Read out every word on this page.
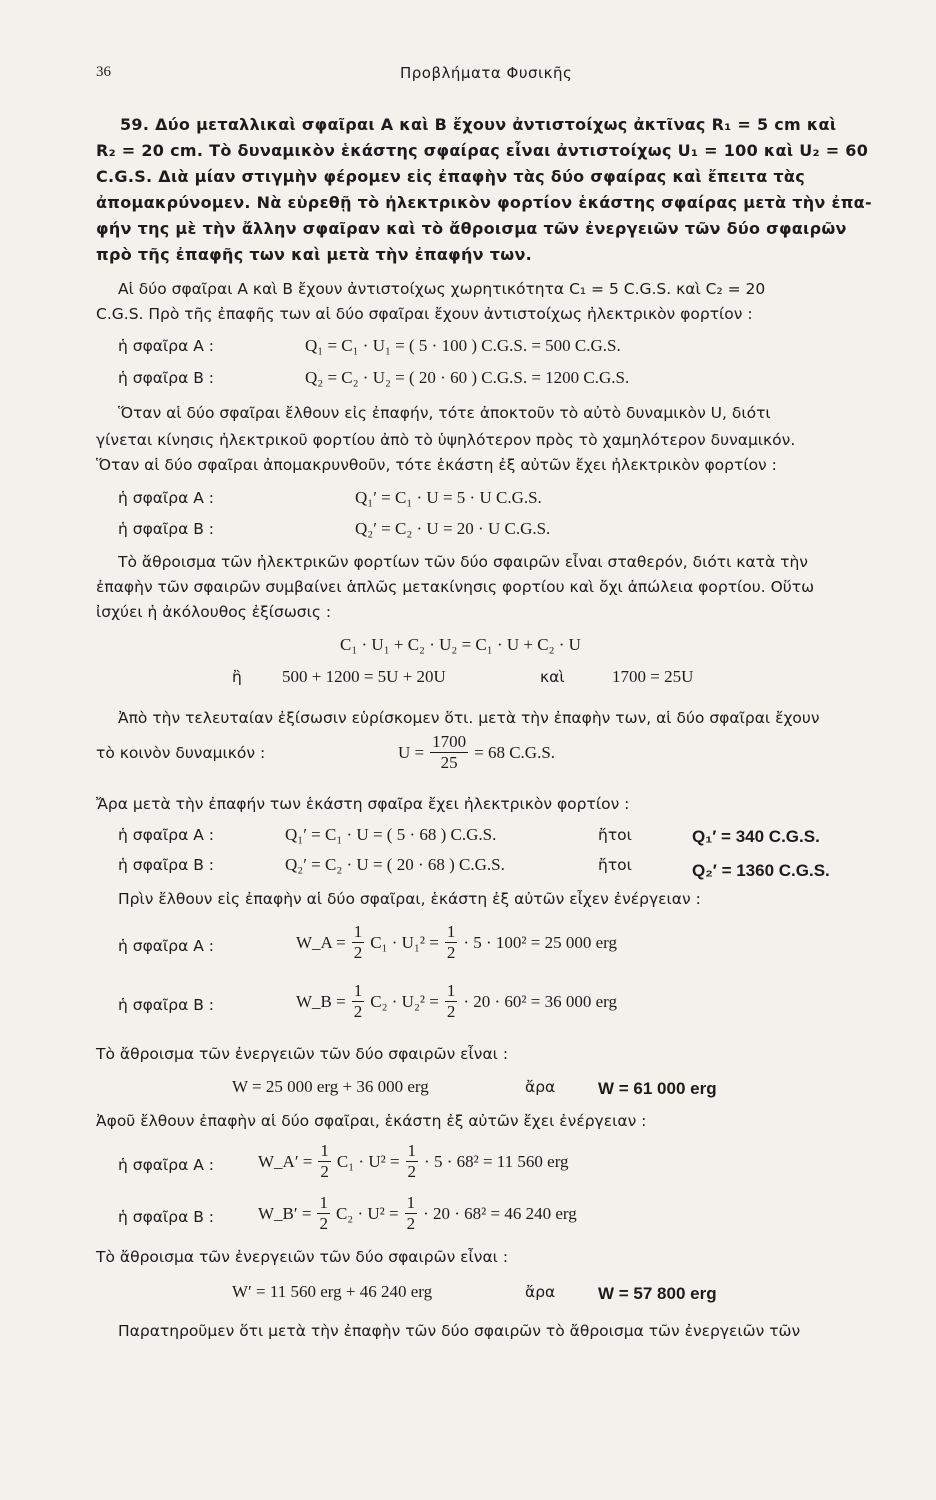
36	Προβλήματα Φυσικῆς
59. Δύο μεταλλικαὶ σφαῖραι Α καὶ Β ἔχουν ἀντιστοίχως ἀκτῖνας R₁ = 5 cm καὶ
R₂ = 20 cm. Τὸ δυναμικὸν ἑκάστης σφαίρας εἶναι ἀντιστοίχως U₁ = 100 καὶ U₂ = 60
C.G.S. Διὰ μίαν στιγμὴν φέρομεν εἰς ἐπαφὴν τὰς δύο σφαίρας καὶ ἔπειτα τὰς
ἀπομακρύνομεν. Νὰ εὑρεθῇ τὸ ἠλεκτρικὸν φορτίον ἑκάστης σφαίρας μετὰ τὴν ἐπα-
φήν της μὲ τὴν ἄλλην σφαῖραν καὶ τὸ ἄθροισμα τῶν ἐνεργειῶν τῶν δύο σφαιρῶν
πρὸ τῆς ἐπαφῆς των καὶ μετὰ τὴν ἐπαφήν των.
Αἱ δύο σφαῖραι Α καὶ Β ἔχουν ἀντιστοίχως χωρητικότητα C₁ = 5 C.G.S. καὶ C₂ = 20
C.G.S. Πρὸ τῆς ἐπαφῆς των αἱ δύο σφαῖραι ἔχουν ἀντιστοίχως ἠλεκτρικὸν φορτίον :
ἡ σφαῖρα Α :	Q₁ = C₁ · U₁ = ( 5 · 100 ) C.G.S. = 500 C.G.S.
ἡ σφαῖρα Β :	Q₂ = C₂ · U₂ = ( 20 · 60 ) C.G.S. = 1200 C.G.S.
Ὅταν αἱ δύο σφαῖραι ἔλθουν εἰς ἐπαφήν, τότε ἀποκτοῦν τὸ αὐτὸ δυναμικὸν U, διότι
γίνεται κίνησις ἠλεκτρικοῦ φορτίου ἀπὸ τὸ ὑψηλότερον πρὸς τὸ χαμηλότερον δυναμικόν.
Ὅταν αἱ δύο σφαῖραι ἀπομακρυνθοῦν, τότε ἑκάστη ἐξ αὐτῶν ἔχει ἠλεκτρικὸν φορτίον :
ἡ σφαῖρα Α :	Q₁′ = C₁ · U = 5 · U C.G.S.
ἡ σφαῖρα Β :	Q₂′ = C₂ · U = 20 · U C.G.S.
Τὸ ἄθροισμα τῶν ἠλεκτρικῶν φορτίων τῶν δύο σφαιρῶν εἶναι σταθερόν, διότι κατὰ τὴν
ἐπαφὴν τῶν σφαιρῶν συμβαίνει ἁπλῶς μετακίνησις φορτίου καὶ ὄχι ἀπώλεια φορτίου. Οὕτω
ἰσχύει ἡ ἀκόλουθος ἐξίσωσις :
C₁ · U₁ + C₂ · U₂ = C₁ · U + C₂ · U
ἢ 500 + 1200 = 5U + 20U	καὶ	1700 = 25U
Ἀπὸ τὴν τελευταίαν ἐξίσωσιν εὑρίσκομεν ὅτι. μετὰ τὴν ἐπαφὴν των, αἱ δύο σφαῖραι ἔχουν
τὸ κοινὸν δυναμικόν :	$U = \frac{1700}{25} = 68$ C.G.S.
Ἄρα μετὰ τὴν ἐπαφήν των ἑκάστη σφαῖρα ἔχει ἠλεκτρικὸν φορτίον :
ἡ σφαῖρα Α :	Q₁′ = C₁ · U = ( 5 · 68 ) C.G.S.	ἤτοι	Q₁′ = 340 C.G.S.
ἡ σφαῖρα Β :	Q₂′ = C₂ · U = ( 20 · 68 ) C.G.S.	ἤτοι	Q₂′ = 1360 C.G.S.
Πρὶν ἔλθουν εἰς ἐπαφὴν αἱ δύο σφαῖραι, ἑκάστη ἐξ αὐτῶν εἶχεν ἐνέργειαν :
ἡ σφαῖρα Α :	W_A = $\frac{1}{2} C_1 \cdot U_1^2 = \frac{1}{2} \cdot 5 \cdot 100^2 = 25$ 000 erg
ἡ σφαῖρα Β :	W_B = $\frac{1}{2} C_2 \cdot U_2^2 = \frac{1}{2} \cdot 20 \cdot 60^2 = 36$ 000 erg
Τὸ ἄθροισμα τῶν ἐνεργειῶν τῶν δύο σφαιρῶν εἶναι :
W = 25 000 erg + 36 000 erg	ἄρα	W = 61 000 erg
Ἀφοῦ ἔλθουν ἐπαφὴν αἱ δύο σφαῖραι, ἑκάστη ἐξ αὐτῶν ἔχει ἐνέργειαν :
ἡ σφαῖρα Α :	W_A′ = $\frac{1}{2} C_1 \cdot U^2 = \frac{1}{2} \cdot 5 \cdot 68^2 = 11$ 560 erg
ἡ σφαῖρα Β :	W_B′ = $\frac{1}{2} C_2 \cdot U^2 = \frac{1}{2} \cdot 20 \cdot 68^2 = 46$ 240 erg
Τὸ ἄθροισμα τῶν ἐνεργειῶν τῶν δύο σφαιρῶν εἶναι :
W′ = 11 560 erg + 46 240 erg	ἄρα	W = 57 800 erg
Παρατηροῦμεν ὅτι μετὰ τὴν ἐπαφὴν τῶν δύο σφαιρῶν τὸ ἄθροισμα τῶν ἐνεργειῶν τῶν
